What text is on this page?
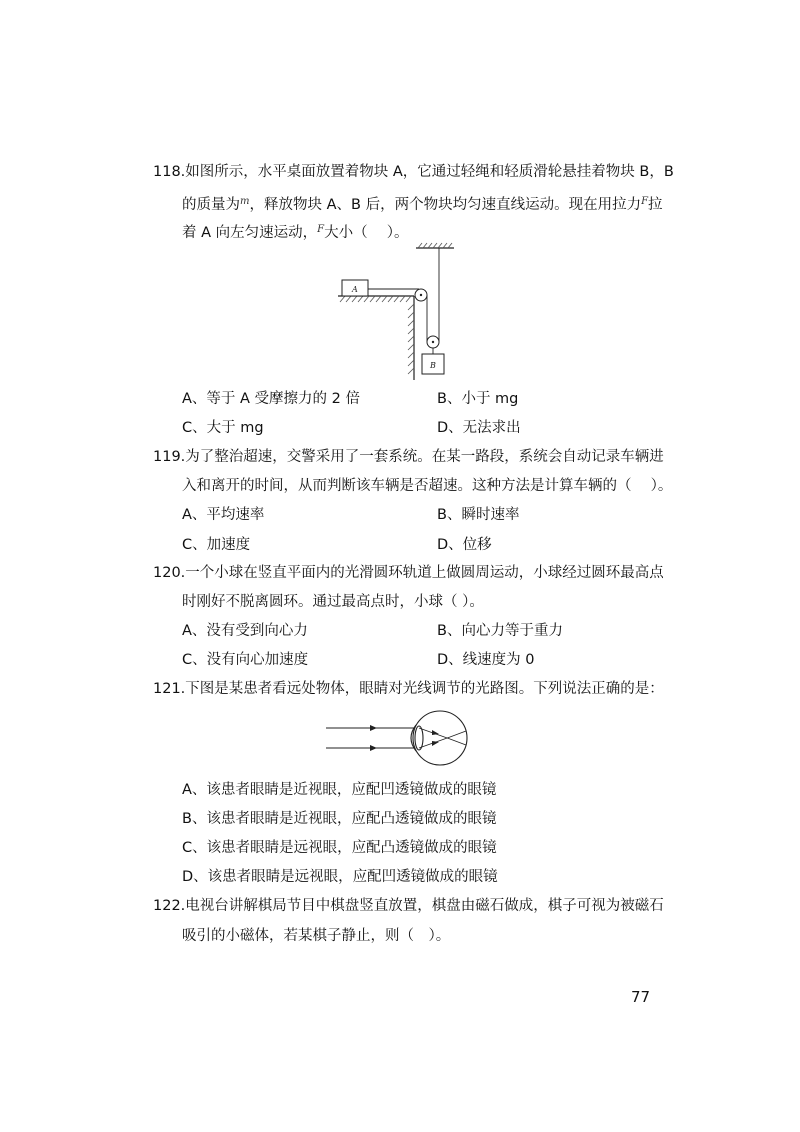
118.如图所示，水平桌面放置着物块 A，它通过轻绳和轻质滑轮悬挂着物块 B，B
的质量为$^m$，释放物块 A、B 后，两个物块均匀速直线运动。现在用拉力$^F$拉
着 A 向左匀速运动，$^F$大小（　 ）。
A
B
A、等于 A 受摩擦力的 2 倍	B、小于 mg
C、大于 mg	D、无法求出
119.为了整治超速，交警采用了一套系统。在某一路段，系统会自动记录车辆进
入和离开的时间，从而判断该车辆是否超速。这种方法是计算车辆的（　 ）。
A、平均速率	B、瞬时速率
C、加速度	D、位移
120.一个小球在竖直平面内的光滑圆环轨道上做圆周运动，小球经过圆环最高点
时刚好不脱离圆环。通过最高点时，小球（ ）。
A、没有受到向心力	B、向心力等于重力
C、没有向心加速度	D、线速度为 0
121.下图是某患者看远处物体，眼睛对光线调节的光路图。下列说法正确的是：
A、该患者眼睛是近视眼，应配凹透镜做成的眼镜
B、该患者眼睛是近视眼，应配凸透镜做成的眼镜
C、该患者眼睛是远视眼，应配凸透镜做成的眼镜
D、该患者眼睛是远视眼，应配凹透镜做成的眼镜
122.电视台讲解棋局节目中棋盘竖直放置，棋盘由磁石做成，棋子可视为被磁石
吸引的小磁体，若某棋子静止，则（　）。
77
